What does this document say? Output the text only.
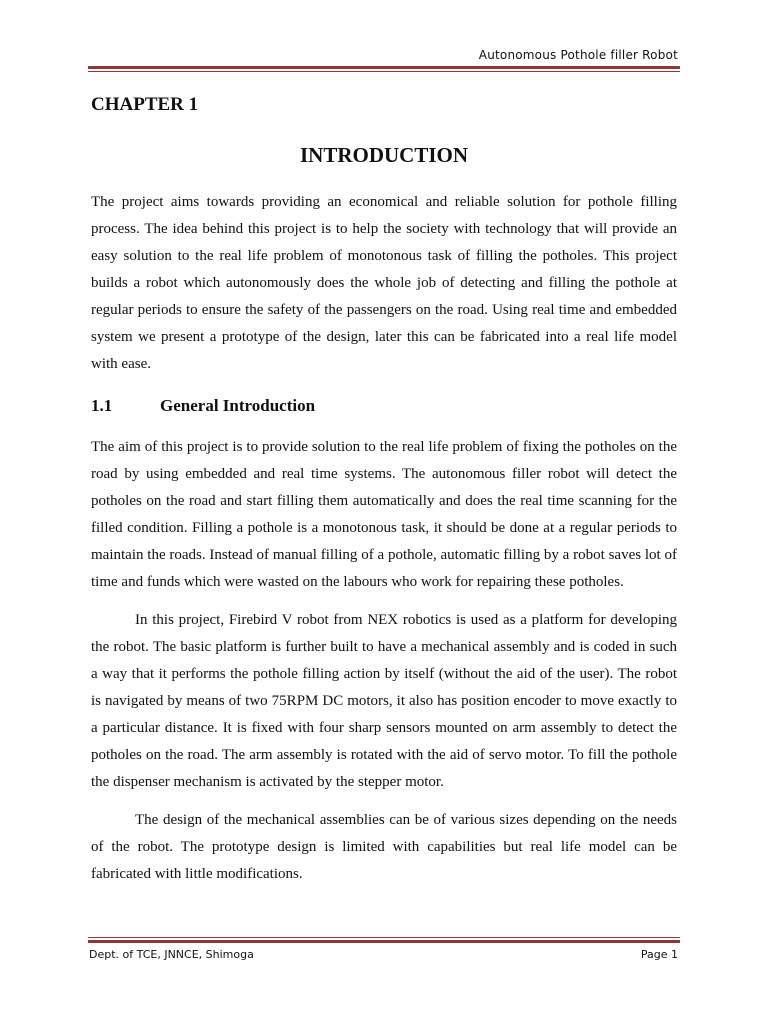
Autonomous Pothole filler Robot
CHAPTER 1
INTRODUCTION

The project aims towards providing an economical and reliable solution for pothole filling process. The idea behind this project is to help the society with technology that will provide an easy solution to the real life problem of monotonous task of filling the potholes. This project builds a robot which autonomously does the whole job of detecting and filling the pothole at regular periods to ensure the safety of the passengers on the road. Using real time and embedded system we present a prototype of the design, later this can be fabricated into a real life model with ease.

1.1	General Introduction

The aim of this project is to provide solution to the real life problem of fixing the potholes on the road by using embedded and real time systems. The autonomous filler robot will detect the potholes on the road and start filling them automatically and does the real time scanning for the filled condition. Filling a pothole is a monotonous task, it should be done at a regular periods to maintain the roads. Instead of manual filling of a pothole, automatic filling by a robot saves lot of time and funds which were wasted on the labours who work for repairing these potholes.

In this project, Firebird V robot from NEX robotics is used as a platform for developing the robot. The basic platform is further built to have a mechanical assembly and is coded in such a way that it performs the pothole filling action by itself (without the aid of the user). The robot is navigated by means of two 75RPM DC motors, it also has position encoder to move exactly to a particular distance. It is fixed with four sharp sensors mounted on arm assembly to detect the potholes on the road. The arm assembly is rotated with the aid of servo motor. To fill the pothole the dispenser mechanism is activated by the stepper motor.

The design of the mechanical assemblies can be of various sizes depending on the needs of the robot. The prototype design is limited with capabilities but real life model can be fabricated with little modifications.

Dept. of TCE, JNNCE, Shimoga	Page 1
